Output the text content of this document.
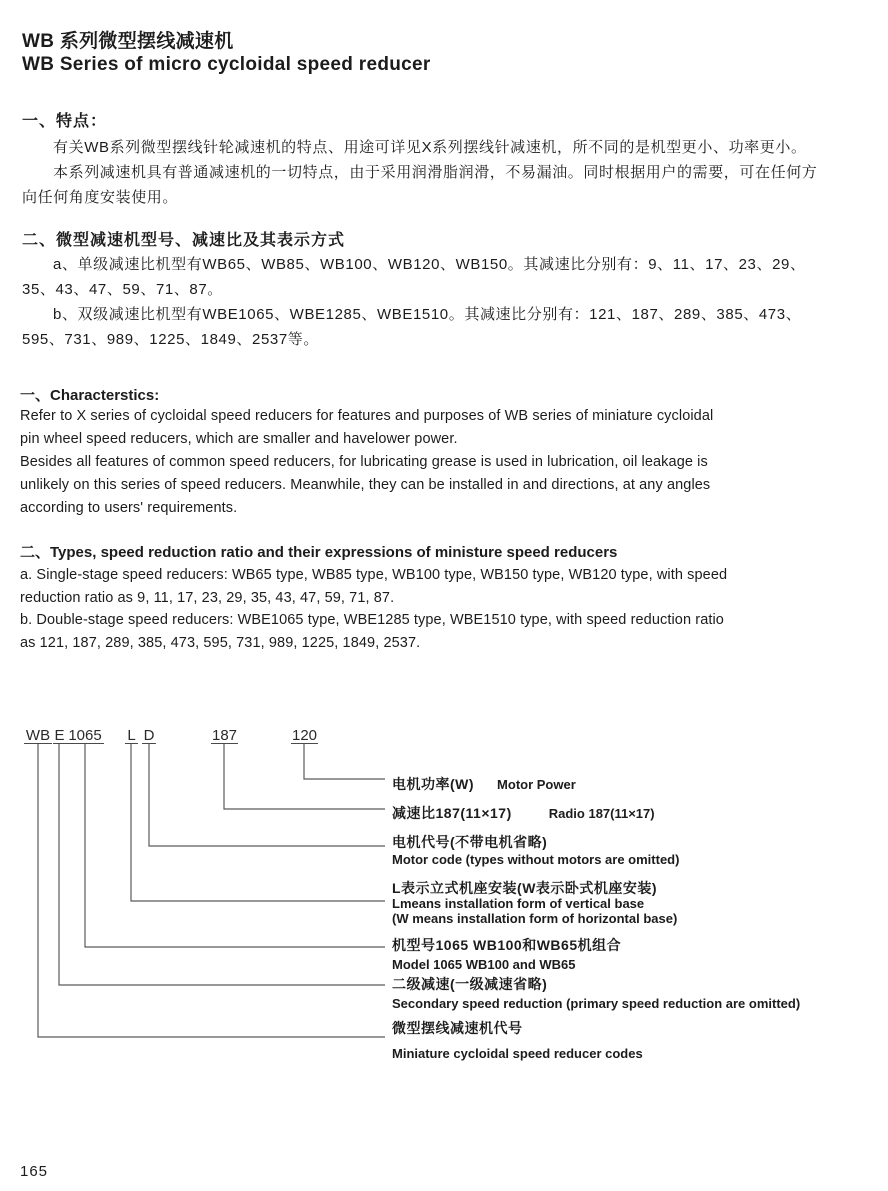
WB 系列微型摆线减速机
WB Series of micro cycloidal speed reducer
一、特点：
有关WB系列微型摆线针轮减速机的特点、用途可详见X系列摆线针减速机，所不同的是机型更小、功率更小。
本系列减速机具有普通减速机的一切特点，由于采用润滑脂润滑，不易漏油。同时根据用户的需要，可在任何方
向任何角度安装使用。
二、微型减速机型号、减速比及其表示方式
a、单级减速比机型有WB65、WB85、WB100、WB120、WB150。其减速比分别有：9、11、17、23、29、
35、43、47、59、71、87。
b、双级减速比机型有WBE1065、WBE1285、WBE1510。其减速比分别有：121、187、289、385、473、
595、731、989、1225、1849、2537等。
一、Characterstics:
Refer to X series of cycloidal speed reducers for features and purposes of WB series of miniature cycloidal
pin wheel speed reducers, which are smaller and havelower power.
Besides all features of common speed reducers, for lubricating grease is used in lubrication, oil leakage is
unlikely on this series of speed reducers. Meanwhile, they can be installed in and directions, at any angles
according to users' requirements.
二、Types, speed reduction ratio and their expressions of ministure speed reducers
a. Single-stage speed reducers: WB65 type, WB85 type, WB100 type, WB150 type, WB120 type, with speed
reduction ratio as 9, 11, 17, 23, 29, 35, 43, 47, 59, 71, 87.
b. Double-stage speed reducers: WBE1065 type, WBE1285 type, WBE1510 type, with speed reduction ratio
as 121, 187, 289, 385, 473, 595, 731, 989, 1225, 1849, 2537.
WB E 1065 L D	187	120
电机功率(W) Motor Power
减速比187(11×17)	Radio 187(11×17)
电机代号(不带电机省略)
Motor code (types without motors are omitted)
L表示立式机座安装(W表示卧式机座安装)
Lmeans installation form of vertical base
(W means installation form of horizontal base)
机型号1065 WB100和WB65机组合
Model 1065 WB100 and WB65
二级减速(一级减速省略)
Secondary speed reduction (primary speed reduction are omitted)
微型摆线减速机代号
Miniature cycloidal speed reducer codes
165
